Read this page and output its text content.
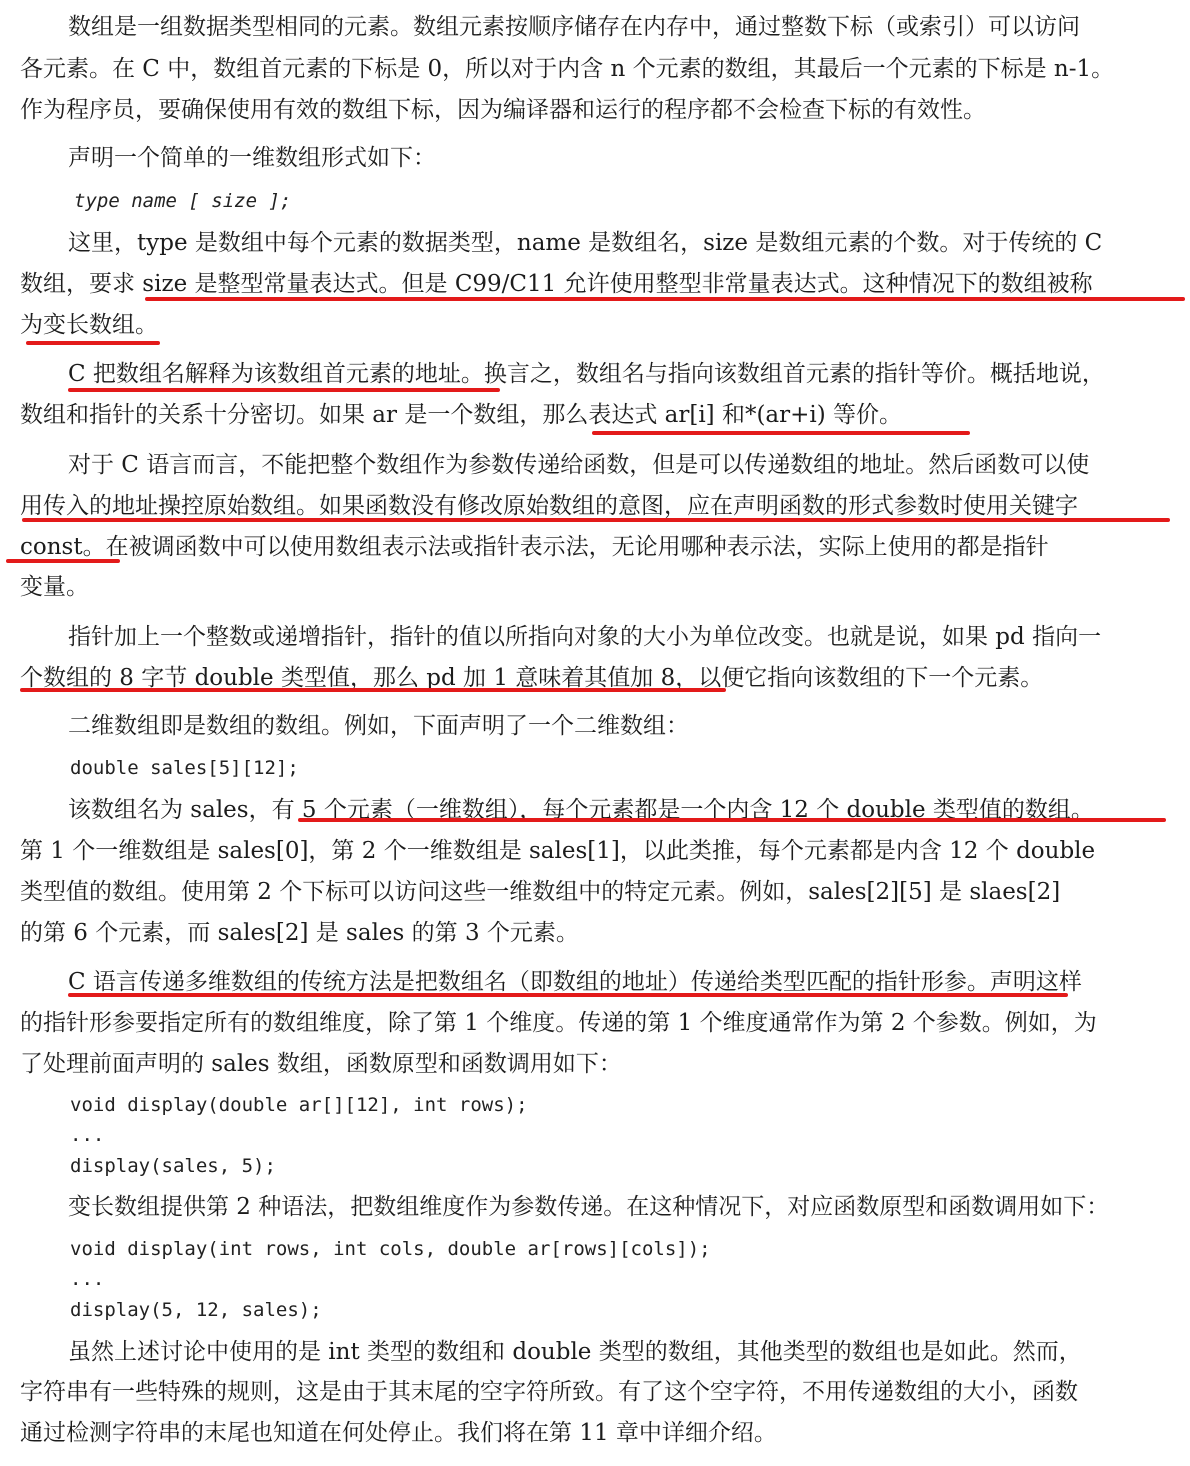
数组是一组数据类型相同的元素。数组元素按顺序储存在内存中，通过整数下标（或索引）可以访问
各元素。在 C 中，数组首元素的下标是 0，所以对于内含 n 个元素的数组，其最后一个元素的下标是 n-1。
作为程序员，要确保使用有效的数组下标，因为编译器和运行的程序都不会检查下标的有效性。
声明一个简单的一维数组形式如下：
type name [ size ];
这里，type 是数组中每个元素的数据类型，name 是数组名，size 是数组元素的个数。对于传统的 C
数组，要求 size 是整型常量表达式。但是 C99/C11 允许使用整型非常量表达式。这种情况下的数组被称
为变长数组。
C 把数组名解释为该数组首元素的地址。换言之，数组名与指向该数组首元素的指针等价。概括地说，
数组和指针的关系十分密切。如果 ar 是一个数组，那么表达式 ar[i] 和*(ar+i) 等价。
对于 C 语言而言，不能把整个数组作为参数传递给函数，但是可以传递数组的地址。然后函数可以使
用传入的地址操控原始数组。如果函数没有修改原始数组的意图，应在声明函数的形式参数时使用关键字
const。在被调函数中可以使用数组表示法或指针表示法，无论用哪种表示法，实际上使用的都是指针
变量。
指针加上一个整数或递增指针，指针的值以所指向对象的大小为单位改变。也就是说，如果 pd 指向一
个数组的 8 字节 double 类型值，那么 pd 加 1 意味着其值加 8，以便它指向该数组的下一个元素。
二维数组即是数组的数组。例如，下面声明了一个二维数组：
double sales[5][12];
该数组名为 sales，有 5 个元素（一维数组），每个元素都是一个内含 12 个 double 类型值的数组。
第 1 个一维数组是 sales[0]，第 2 个一维数组是 sales[1]，以此类推，每个元素都是内含 12 个 double
类型值的数组。使用第 2 个下标可以访问这些一维数组中的特定元素。例如，sales[2][5] 是 slaes[2]
的第 6 个元素，而 sales[2] 是 sales 的第 3 个元素。
C 语言传递多维数组的传统方法是把数组名（即数组的地址）传递给类型匹配的指针形参。声明这样
的指针形参要指定所有的数组维度，除了第 1 个维度。传递的第 1 个维度通常作为第 2 个参数。例如，为
了处理前面声明的 sales 数组，函数原型和函数调用如下：
void display(double ar[][12], int rows);
...
display(sales, 5);
变长数组提供第 2 种语法，把数组维度作为参数传递。在这种情况下，对应函数原型和函数调用如下：
void display(int rows, int cols, double ar[rows][cols]);
...
display(5, 12, sales);
虽然上述讨论中使用的是 int 类型的数组和 double 类型的数组，其他类型的数组也是如此。然而，
字符串有一些特殊的规则，这是由于其末尾的空字符所致。有了这个空字符，不用传递数组的大小，函数
通过检测字符串的末尾也知道在何处停止。我们将在第 11 章中详细介绍。
